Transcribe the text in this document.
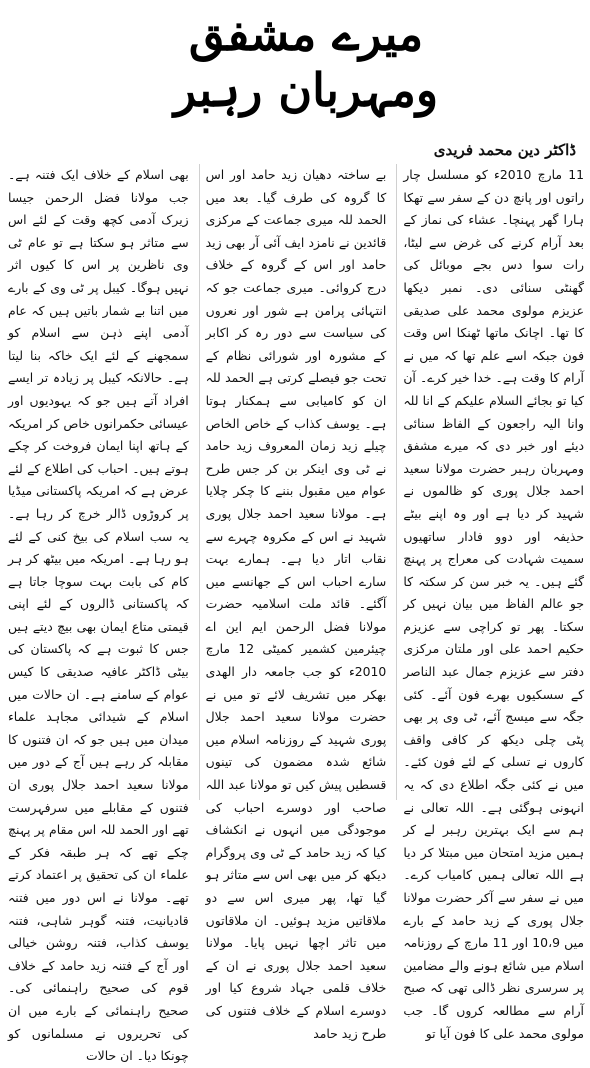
میرے مشفق
ومہربان رہبر
ڈاکٹر دین محمد فریدی

11 مارچ 2010ء کو مسلسل چار راتوں اور پانچ دن کے سفر سے تھکا ہارا گھر پہنچا۔ عشاء کی نماز کے بعد آرام کرنے کی غرض سے لیٹا، رات سوا دس بجے موبائل کی گھنٹی سنائی دی۔ نمبر دیکھا عزیزم مولوی محمد علی صدیقی کا تھا۔ اچانک ماتھا ٹھنکا اس وقت فون جبکہ اسے علم تھا کہ میں نے آرام کا وقت ہے۔ خدا خیر کرے۔ آن کیا تو بجائے السلام علیکم کے انا للہ وانا الیہ راجعون کے الفاظ سنائی دیئے اور خبر دی کہ میرے مشفق ومہربان رہبر حضرت مولانا سعید احمد جلال پوری کو ظالموں نے شہید کر دیا ہے اور وہ اپنے بیٹے حذیفہ اور دوو فادار ساتھیوں سمیت شہادت کی معراج پر پہنچ گئے ہیں۔ یہ خبر سن کر سکتہ کا جو عالم الفاظ میں بیان نہیں کر سکتا۔ پھر تو کراچی سے عزیزم حکیم احمد علی اور ملتان مرکزی دفتر سے عزیزم جمال عبد الناصر کے سسکیوں بھرے فون آئے۔ کئی جگہ سے میسج آئے، ٹی وی پر بھی پٹی چلی دیکھ کر کافی واقف کاروں نے تسلی کے لئے فون کئے۔ میں نے کئی جگہ اطلاع دی کہ یہ انہونی ہوگئی ہے۔ اللہ تعالی نے ہم سے ایک بہترین رہبر لے کر ہمیں مزید امتحان میں مبتلا کر دیا ہے اللہ تعالی ہمیں کامیاب کرے۔ میں نے سفر سے آکر حضرت مولانا جلال پوری کے زید حامد کے بارے میں 10،9 اور 11 مارچ کے روزنامہ اسلام میں شائع ہونے والے مضامین پر سرسری نظر ڈالی تھی کہ صبح آرام سے مطالعہ کروں گا۔ جب مولوی محمد علی کا فون آیا تو

بے ساختہ دھیان زید حامد اور اس کا گروہ کی طرف گیا۔ بعد میں الحمد للہ میری جماعت کے مرکزی قائدین نے نامزد ایف آئی آر بھی زید حامد اور اس کے گروہ کے خلاف درج کروائی۔ میری جماعت جو کہ انتہائی پرامن ہے شور اور نعروں کی سیاست سے دور رہ کر اکابر کے مشورہ اور شورائی نظام کے تحت جو فیصلے کرتی ہے الحمد للہ ان کو کامیابی سے ہمکنار ہوتا ہے۔ یوسف کذاب کے خاص الخاص چیلے زید زمان المعروف زید حامد نے ٹی وی اینکر بن کر جس طرح عوام میں مقبول بننے کا چکر چلایا ہے۔ مولانا سعید احمد جلال پوری شہید نے اس کے مکروہ چہرے سے نقاب اتار دیا ہے۔ ہمارے بہت سارے احباب اس کے جھانسے میں آگئے۔ قائد ملت اسلامیہ حضرت مولانا فضل الرحمن ایم این اے چیئرمین کشمیر کمیٹی 12 مارچ 2010ء کو جب جامعہ دار الھدی بھکر میں تشریف لائے تو میں نے حضرت مولانا سعید احمد جلال پوری شہید کے روزنامہ اسلام میں شائع شدہ مضمون کی تینوں قسطیں پیش کیں تو مولانا عبد اللہ صاحب اور دوسرے احباب کی موجودگی میں انہوں نے انکشاف کیا کہ زید حامد کے ٹی وی پروگرام دیکھ کر میں بھی اس سے متاثر ہو گیا تھا، پھر میری اس سے دو ملاقاتیں مزید ہوئیں۔ ان ملاقاتوں میں تاثر اچھا نہیں پایا۔ مولانا سعید احمد جلال پوری نے ان کے خلاف قلمی جہاد شروع کیا اور دوسرے اسلام کے خلاف فتنوں کی طرح زید حامد

بھی اسلام کے خلاف ایک فتنہ ہے۔ جب مولانا فضل الرحمن جیسا زیرک آدمی کچھ وقت کے لئے اس سے متاثر ہو سکتا ہے تو عام ٹی وی ناظرین پر اس کا کیوں اثر نہیں ہوگا۔ کیبل پر ٹی وی کے بارے میں اتنا بے شمار باتیں ہیں کہ عام آدمی اپنے ذہن سے اسلام کو سمجھنے کے لئے ایک خاکہ بنا لیتا ہے۔ حالانکہ کیبل پر زیادہ تر ایسے افراد آتے ہیں جو کہ یہودیوں اور عیسائی حکمرانوں خاص کر امریکہ کے ہاتھ اپنا ایمان فروخت کر چکے ہوتے ہیں۔ احباب کی اطلاع کے لئے عرض ہے کہ امریکہ پاکستانی میڈیا پر کروڑوں ڈالر خرچ کر رہا ہے۔ یہ سب اسلام کی بیخ کنی کے لئے ہو رہا ہے۔ امریکہ میں بیٹھ کر ہر کام کی بابت بہت سوچا جاتا ہے کہ پاکستانی ڈالروں کے لئے اپنی قیمتی متاع ایمان بھی بیچ دیتے ہیں جس کا ثبوت ہے کہ پاکستان کی بیٹی ڈاکٹر عافیہ صدیقی کا کیس عوام کے سامنے ہے۔ ان حالات میں اسلام کے شیدائی مجاہد علماء میدان میں ہیں جو کہ ان فتنوں کا مقابلہ کر رہے ہیں آج کے دور میں مولانا سعید احمد جلال پوری ان فتنوں کے مقابلے میں سرفہرست تھے اور الحمد للہ اس مقام پر پہنچ چکے تھے کہ ہر طبقہ فکر کے علماء ان کی تحقیق پر اعتماد کرتے تھے۔ مولانا نے اس دور میں فتنہ قادیانیت، فتنہ گوہر شاہی، فتنہ یوسف کذاب، فتنہ روشن خیالی اور آج کے فتنہ زید حامد کے خلاف قوم کی صحیح راہنمائی کی۔ صحیح راہنمائی کے بارے میں ان کی تحریروں نے مسلمانوں کو چونکا دیا۔ ان حالات
